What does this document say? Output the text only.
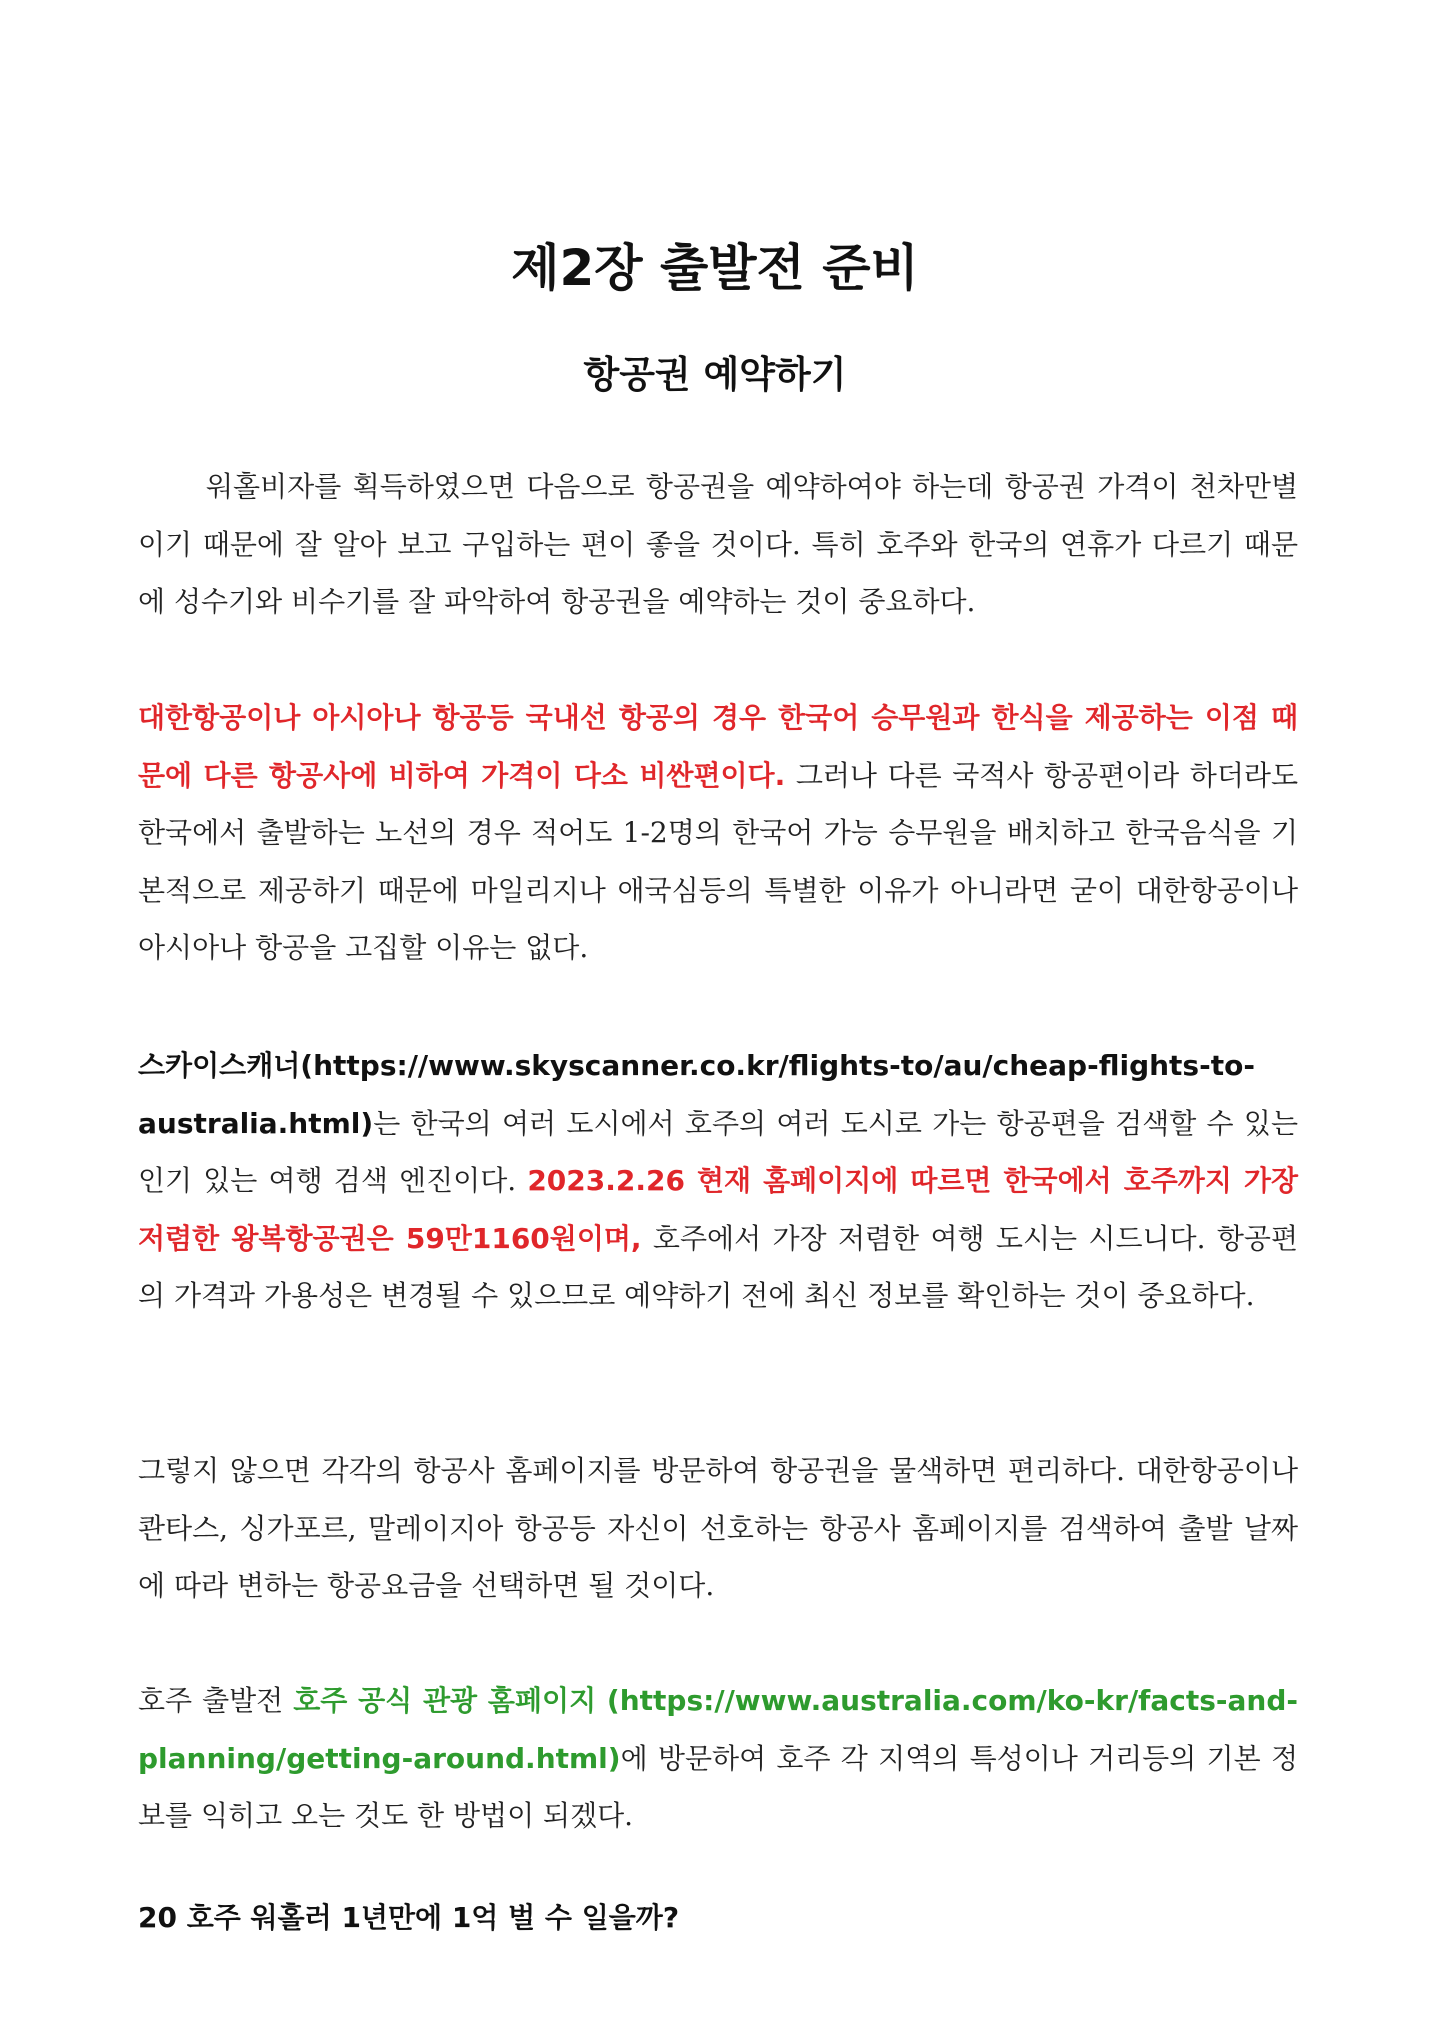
제2장 출발전 준비
항공권 예약하기

워홀비자를 획득하였으면 다음으로 항공권을 예약하여야 하는데 항공권 가격이 천차만별이기 때문에 잘 알아 보고 구입하는 편이 좋을 것이다. 특히 호주와 한국의 연휴가 다르기 때문에 성수기와 비수기를 잘 파악하여 항공권을 예약하는 것이 중요하다.

대한항공이나 아시아나 항공등 국내선 항공의 경우 한국어 승무원과 한식을 제공하는 이점 때문에 다른 항공사에 비하여 가격이 다소 비싼편이다. 그러나 다른 국적사 항공편이라 하더라도 한국에서 출발하는 노선의 경우 적어도 1-2명의 한국어 가능 승무원을 배치하고 한국음식을 기본적으로 제공하기 때문에 마일리지나 애국심등의 특별한 이유가 아니라면 굳이 대한항공이나 아시아나 항공을 고집할 이유는 없다.

스카이스캐너(https://www.skyscanner.co.kr/flights-to/au/cheap-flights-to-australia.html)는 한국의 여러 도시에서 호주의 여러 도시로 가는 항공편을 검색할 수 있는 인기 있는 여행 검색 엔진이다. 2023.2.26 현재 홈페이지에 따르면 한국에서 호주까지 가장 저렴한 왕복항공권은 59만1160원이며, 호주에서 가장 저렴한 여행 도시는 시드니다. 항공편의 가격과 가용성은 변경될 수 있으므로 예약하기 전에 최신 정보를 확인하는 것이 중요하다.

그렇지 않으면 각각의 항공사 홈페이지를 방문하여 항공권을 물색하면 편리하다. 대한항공이나 콴타스, 싱가포르, 말레이지아 항공등 자신이 선호하는 항공사 홈페이지를 검색하여 출발 날짜에 따라 변하는 항공요금을 선택하면 될 것이다.

호주 출발전 호주 공식 관광 홈페이지 (https://www.australia.com/ko-kr/facts-and-planning/getting-around.html)에 방문하여 호주 각 지역의 특성이나 거리등의 기본 정보를 익히고 오는 것도 한 방법이 되겠다.

20 호주 워홀러 1년만에 1억 벌 수 일을까?
